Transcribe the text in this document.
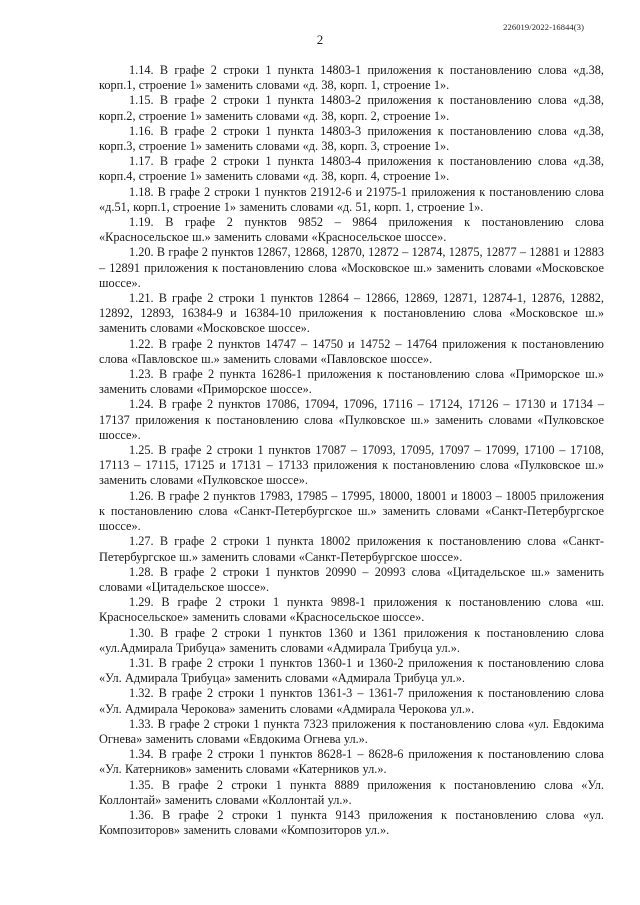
226019/2022-16844(3)
2

1.14. В графе 2 строки 1 пункта 14803-1 приложения к постановлению слова «д.38, корп.1, строение 1» заменить словами «д. 38, корп. 1, строение 1».

1.15. В графе 2 строки 1 пункта 14803-2 приложения к постановлению слова «д.38, корп.2, строение 1» заменить словами «д. 38, корп. 2, строение 1».

1.16. В графе 2 строки 1 пункта 14803-3 приложения к постановлению слова «д.38, корп.3, строение 1» заменить словами «д. 38, корп. 3, строение 1».

1.17. В графе 2 строки 1 пункта 14803-4 приложения к постановлению слова «д.38, корп.4, строение 1» заменить словами «д. 38, корп. 4, строение 1».

1.18. В графе 2 строки 1 пунктов 21912-6 и 21975-1 приложения к постановлению слова «д.51, корп.1, строение 1» заменить словами «д. 51, корп. 1, строение 1».

1.19. В графе 2 пунктов 9852 – 9864 приложения к постановлению слова «Красносельское ш.» заменить словами «Красносельское шоссе».

1.20. В графе 2 пунктов 12867, 12868, 12870, 12872 – 12874, 12875, 12877 – 12881 и 12883 – 12891 приложения к постановлению слова «Московское ш.» заменить словами «Московское шоссе».

1.21. В графе 2 строки 1 пунктов 12864 – 12866, 12869, 12871, 12874-1, 12876, 12882, 12892, 12893, 16384-9 и 16384-10 приложения к постановлению слова «Московское ш.» заменить словами «Московское шоссе».

1.22. В графе 2 пунктов 14747 – 14750 и 14752 – 14764 приложения к постановлению слова «Павловское ш.» заменить словами «Павловское шоссе».

1.23. В графе 2 пункта 16286-1 приложения к постановлению слова «Приморское ш.» заменить словами «Приморское шоссе».

1.24. В графе 2 пунктов 17086, 17094, 17096, 17116 – 17124, 17126 – 17130 и 17134 – 17137 приложения к постановлению слова «Пулковское ш.» заменить словами «Пулковское шоссе».

1.25. В графе 2 строки 1 пунктов 17087 – 17093, 17095, 17097 – 17099, 17100 – 17108, 17113 – 17115, 17125 и 17131 – 17133 приложения к постановлению слова «Пулковское ш.» заменить словами «Пулковское шоссе».

1.26. В графе 2 пунктов 17983, 17985 – 17995, 18000, 18001 и 18003 – 18005 приложения к постановлению слова «Санкт-Петербургское ш.» заменить словами «Санкт-Петербургское шоссе».

1.27. В графе 2 строки 1 пункта 18002 приложения к постановлению слова «Санкт-Петербургское ш.» заменить словами «Санкт-Петербургское шоссе».

1.28. В графе 2 строки 1 пунктов 20990 – 20993 слова «Цитадельское ш.» заменить словами «Цитадельское шоссе».

1.29. В графе 2 строки 1 пункта 9898-1 приложения к постановлению слова «ш. Красносельское» заменить словами «Красносельское шоссе».

1.30. В графе 2 строки 1 пунктов 1360 и 1361 приложения к постановлению слова «ул.Адмирала Трибуца» заменить словами «Адмирала Трибуца ул.».

1.31. В графе 2 строки 1 пунктов 1360-1 и 1360-2 приложения к постановлению слова «Ул. Адмирала Трибуца» заменить словами «Адмирала Трибуца ул.».

1.32. В графе 2 строки 1 пунктов 1361-3 – 1361-7 приложения к постановлению слова «Ул. Адмирала Черокова» заменить словами «Адмирала Черокова ул.».

1.33. В графе 2 строки 1 пункта 7323 приложения к постановлению слова «ул. Евдокима Огнева» заменить словами «Евдокима Огнева ул.».

1.34. В графе 2 строки 1 пунктов 8628-1 – 8628-6 приложения к постановлению слова «Ул. Катерников» заменить словами «Катерников ул.».

1.35. В графе 2 строки 1 пункта 8889 приложения к постановлению слова «Ул. Коллонтай» заменить словами «Коллонтай ул.».

1.36. В графе 2 строки 1 пункта 9143 приложения к постановлению слова «ул. Композиторов» заменить словами «Композиторов ул.».
